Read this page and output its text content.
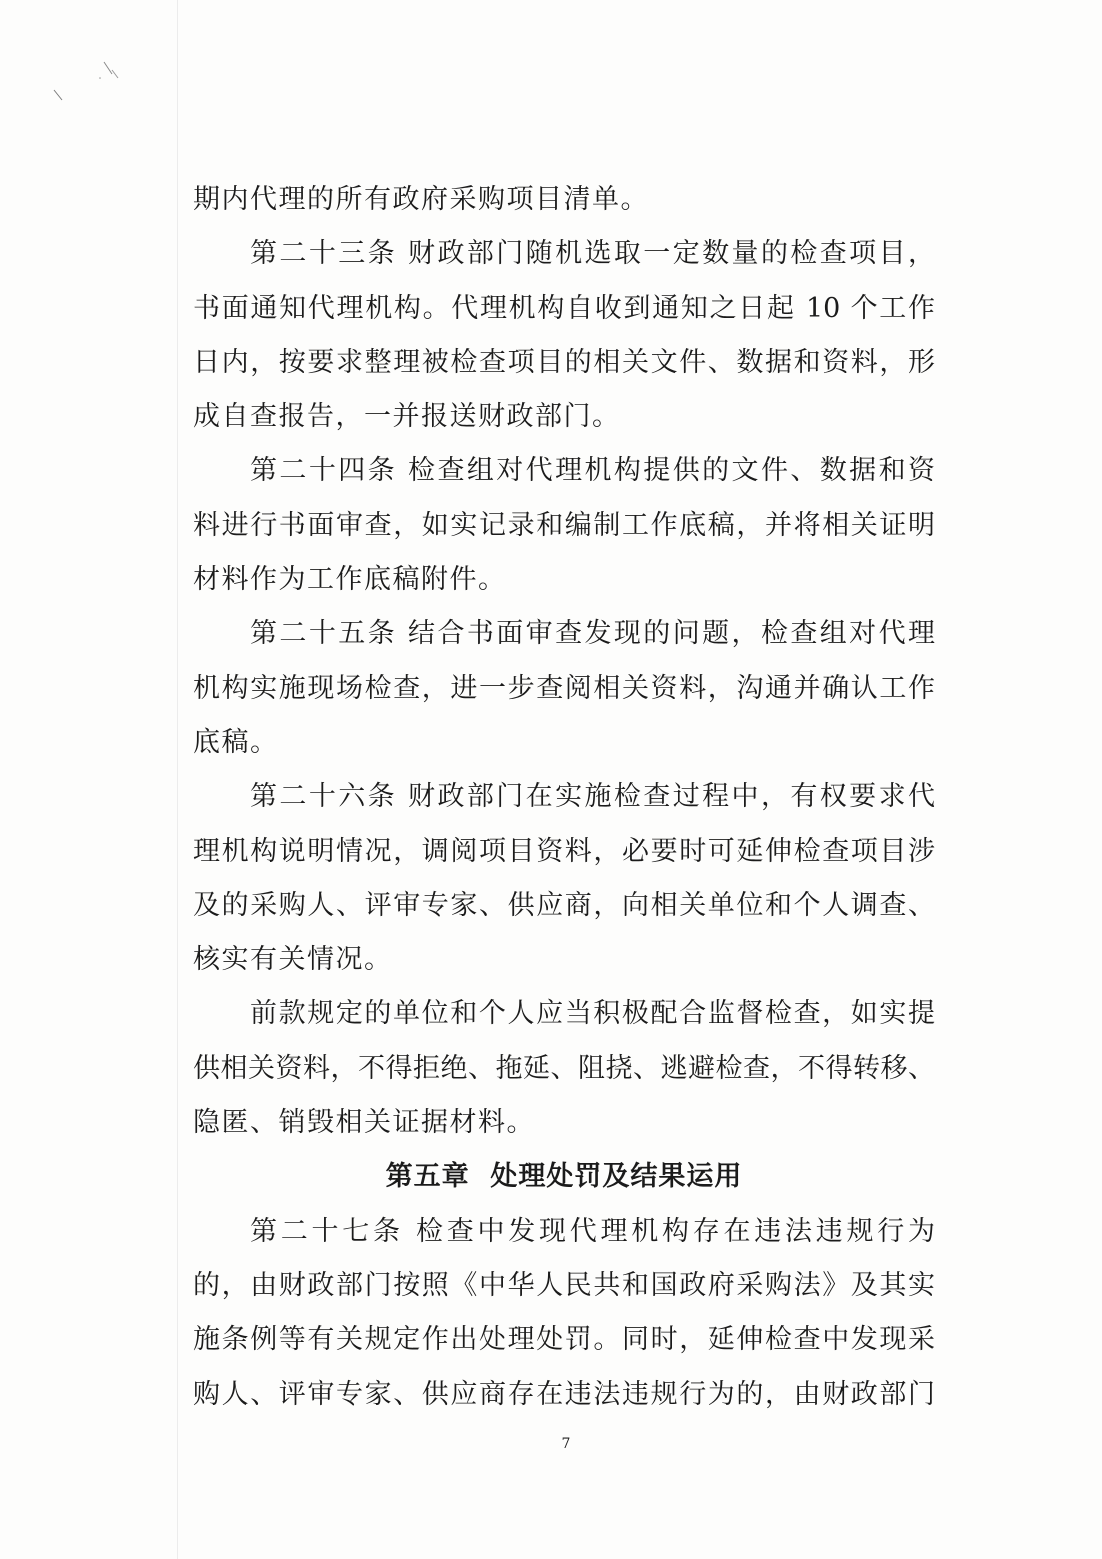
期内代理的所有政府采购项目清单。
第二十三条 财政部门随机选取一定数量的检查项目，
书面通知代理机构。代理机构自收到通知之日起 10 个工作
日内，按要求整理被检查项目的相关文件、数据和资料，形
成自查报告，一并报送财政部门。
第二十四条 检查组对代理机构提供的文件、数据和资
料进行书面审查，如实记录和编制工作底稿，并将相关证明
材料作为工作底稿附件。
第二十五条 结合书面审查发现的问题，检查组对代理
机构实施现场检查，进一步查阅相关资料，沟通并确认工作
底稿。
第二十六条 财政部门在实施检查过程中，有权要求代
理机构说明情况，调阅项目资料，必要时可延伸检查项目涉
及的采购人、评审专家、供应商，向相关单位和个人调查、
核实有关情况。
前款规定的单位和个人应当积极配合监督检查，如实提
供相关资料，不得拒绝、拖延、阻挠、逃避检查，不得转移、
隐匿、销毁相关证据材料。
第五章  处理处罚及结果运用
第二十七条 检查中发现代理机构存在违法违规行为
的，由财政部门按照《中华人民共和国政府采购法》及其实
施条例等有关规定作出处理处罚。同时，延伸检查中发现采
购人、评审专家、供应商存在违法违规行为的，由财政部门
7
